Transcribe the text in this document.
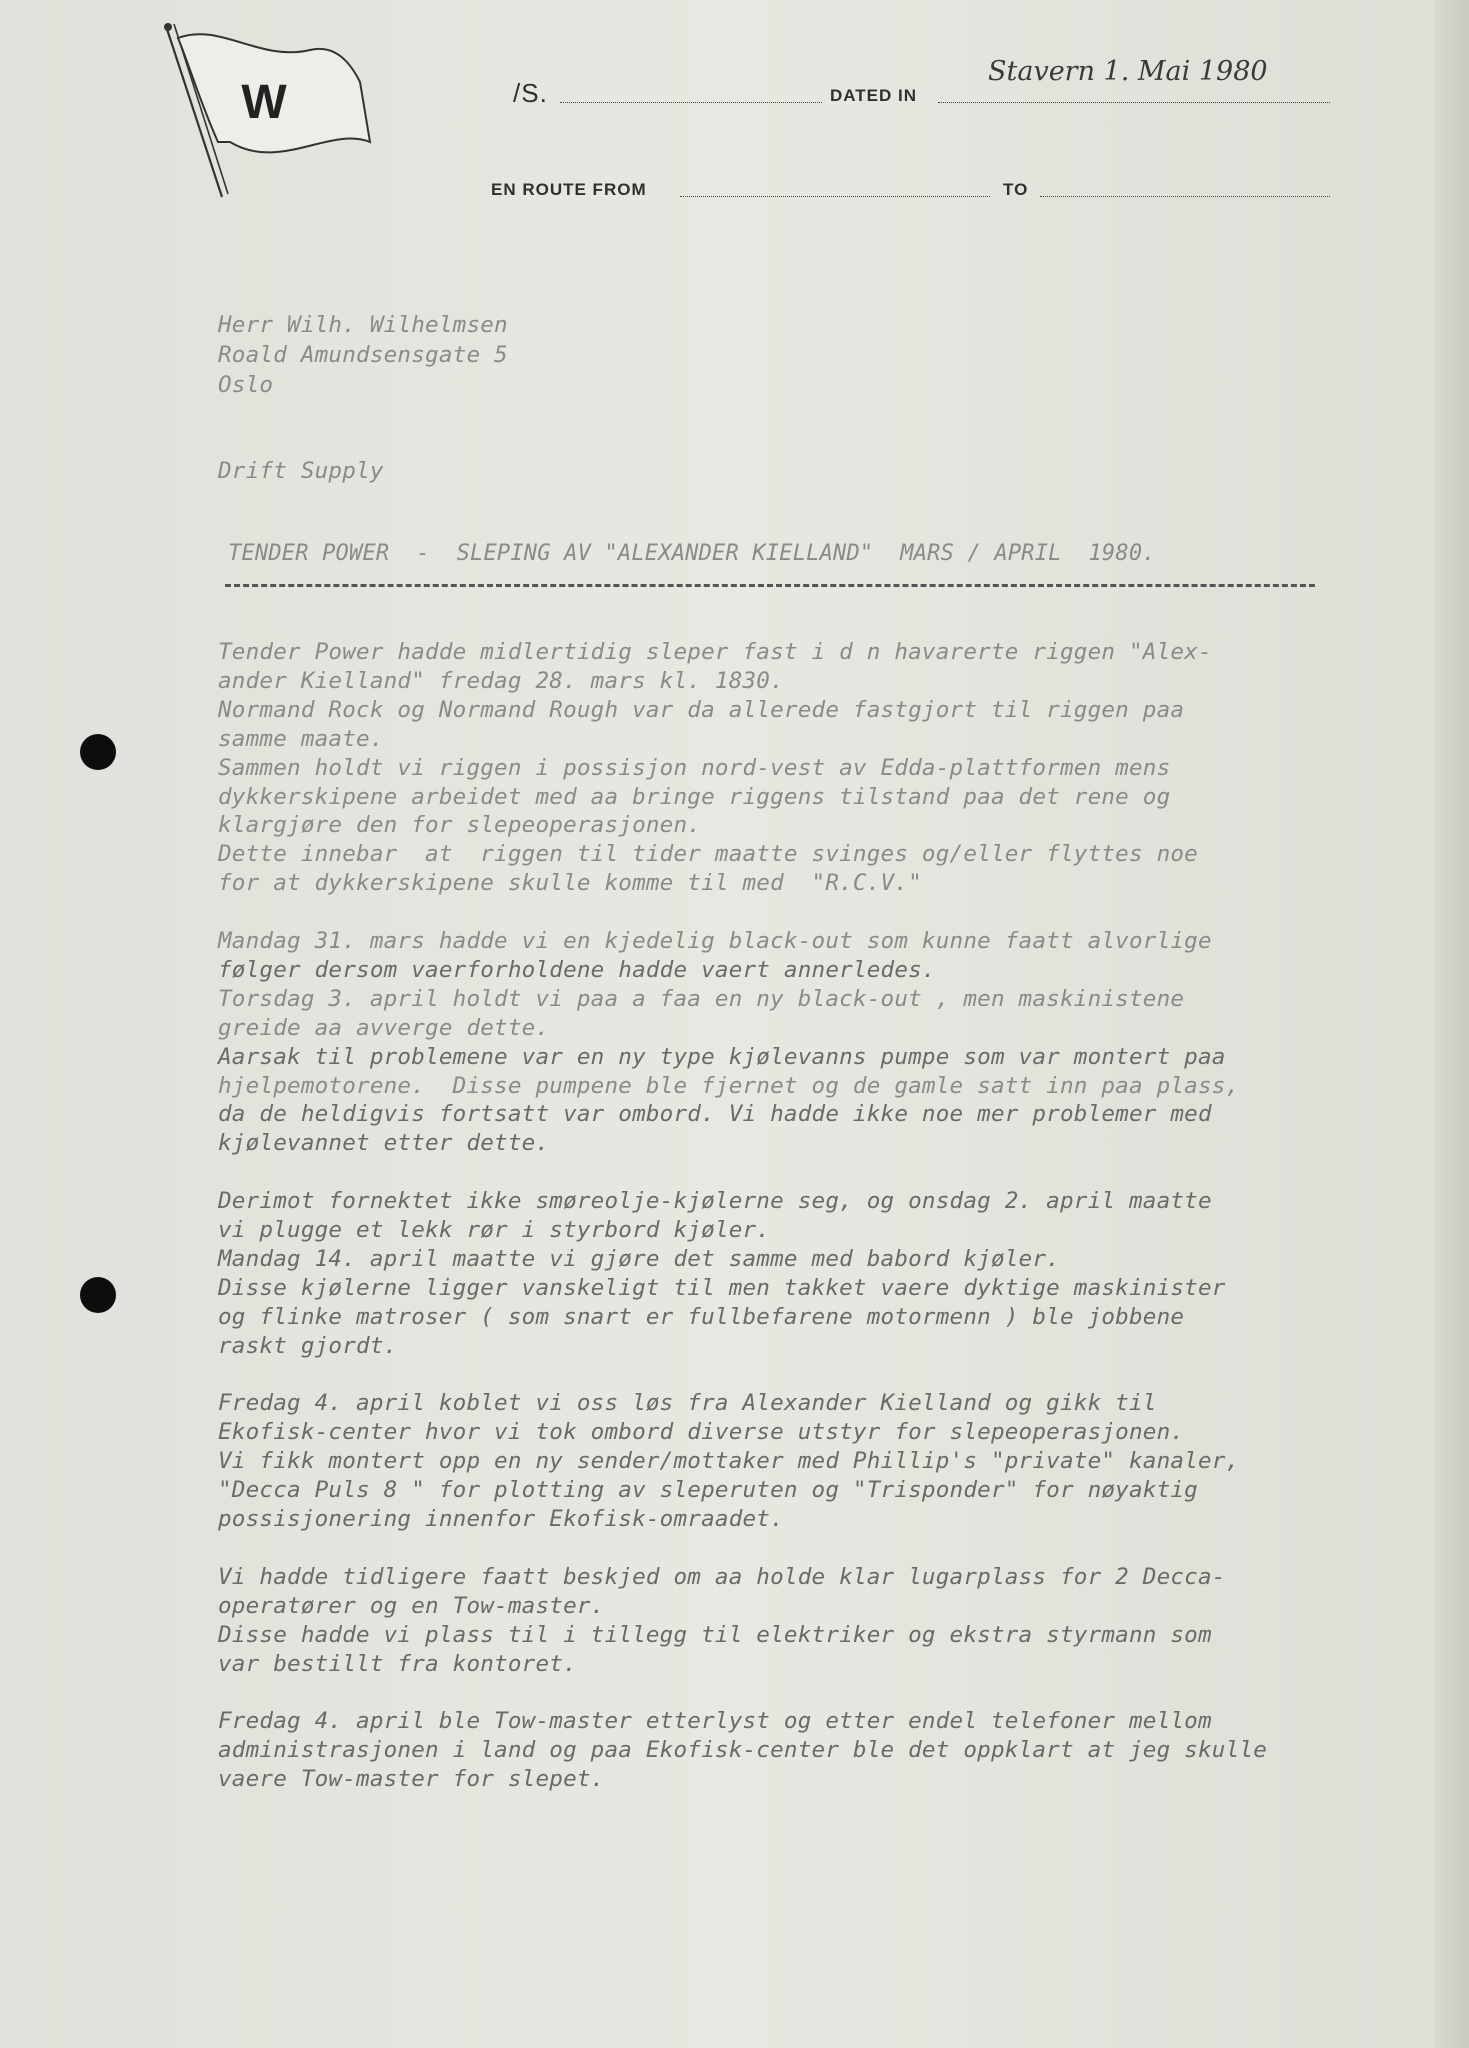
W	/S.	DATED IN
Stavern 1. Mai 1980
EN ROUTE FROM	TO
Herr Wilh. Wilhelmsen
Roald Amundsensgate 5
Oslo
Drift Supply
TENDER POWER  -  SLEPING AV "ALEXANDER KIELLAND"  MARS / APRIL  1980.
Tender Power hadde midlertidig sleper fast i d n havarerte riggen "Alex-
ander Kielland" fredag 28. mars kl. 1830.
Normand Rock og Normand Rough var da allerede fastgjort til riggen paa
samme maate.
Sammen holdt vi riggen i possisjon nord-vest av Edda-plattformen mens
dykkerskipene arbeidet med aa bringe riggens tilstand paa det rene og
klargjøre den for slepeoperasjonen.
Dette innebar  at  riggen til tider maatte svinges og/eller flyttes noe
for at dykkerskipene skulle komme til med  "R.C.V."
Mandag 31. mars hadde vi en kjedelig black-out som kunne faatt alvorlige
følger dersom vaerforholdene hadde vaert annerledes.
Torsdag 3. april holdt vi paa a faa en ny black-out , men maskinistene
greide aa avverge dette.
Aarsak til problemene var en ny type kjølevanns pumpe som var montert paa
hjelpemotorene.  Disse pumpene ble fjernet og de gamle satt inn paa plass,
da de heldigvis fortsatt var ombord. Vi hadde ikke noe mer problemer med
kjølevannet etter dette.
Derimot fornektet ikke smøreolje-kjølerne seg, og onsdag 2. april maatte
vi plugge et lekk rør i styrbord kjøler.
Mandag 14. april maatte vi gjøre det samme med babord kjøler.
Disse kjølerne ligger vanskeligt til men takket vaere dyktige maskinister
og flinke matroser ( som snart er fullbefarene motormenn ) ble jobbene
raskt gjordt.
Fredag 4. april koblet vi oss løs fra Alexander Kielland og gikk til
Ekofisk-center hvor vi tok ombord diverse utstyr for slepeoperasjonen.
Vi fikk montert opp en ny sender/mottaker med Phillip's "private" kanaler,
"Decca Puls 8 " for plotting av sleperuten og "Trisponder" for nøyaktig
possisjonering innenfor Ekofisk-omraadet.
Vi hadde tidligere faatt beskjed om aa holde klar lugarplass for 2 Decca-
operatører og en Tow-master.
Disse hadde vi plass til i tillegg til elektriker og ekstra styrmann som
var bestillt fra kontoret.
Fredag 4. april ble Tow-master etterlyst og etter endel telefoner mellom
administrasjonen i land og paa Ekofisk-center ble det oppklart at jeg skulle
vaere Tow-master for slepet.
